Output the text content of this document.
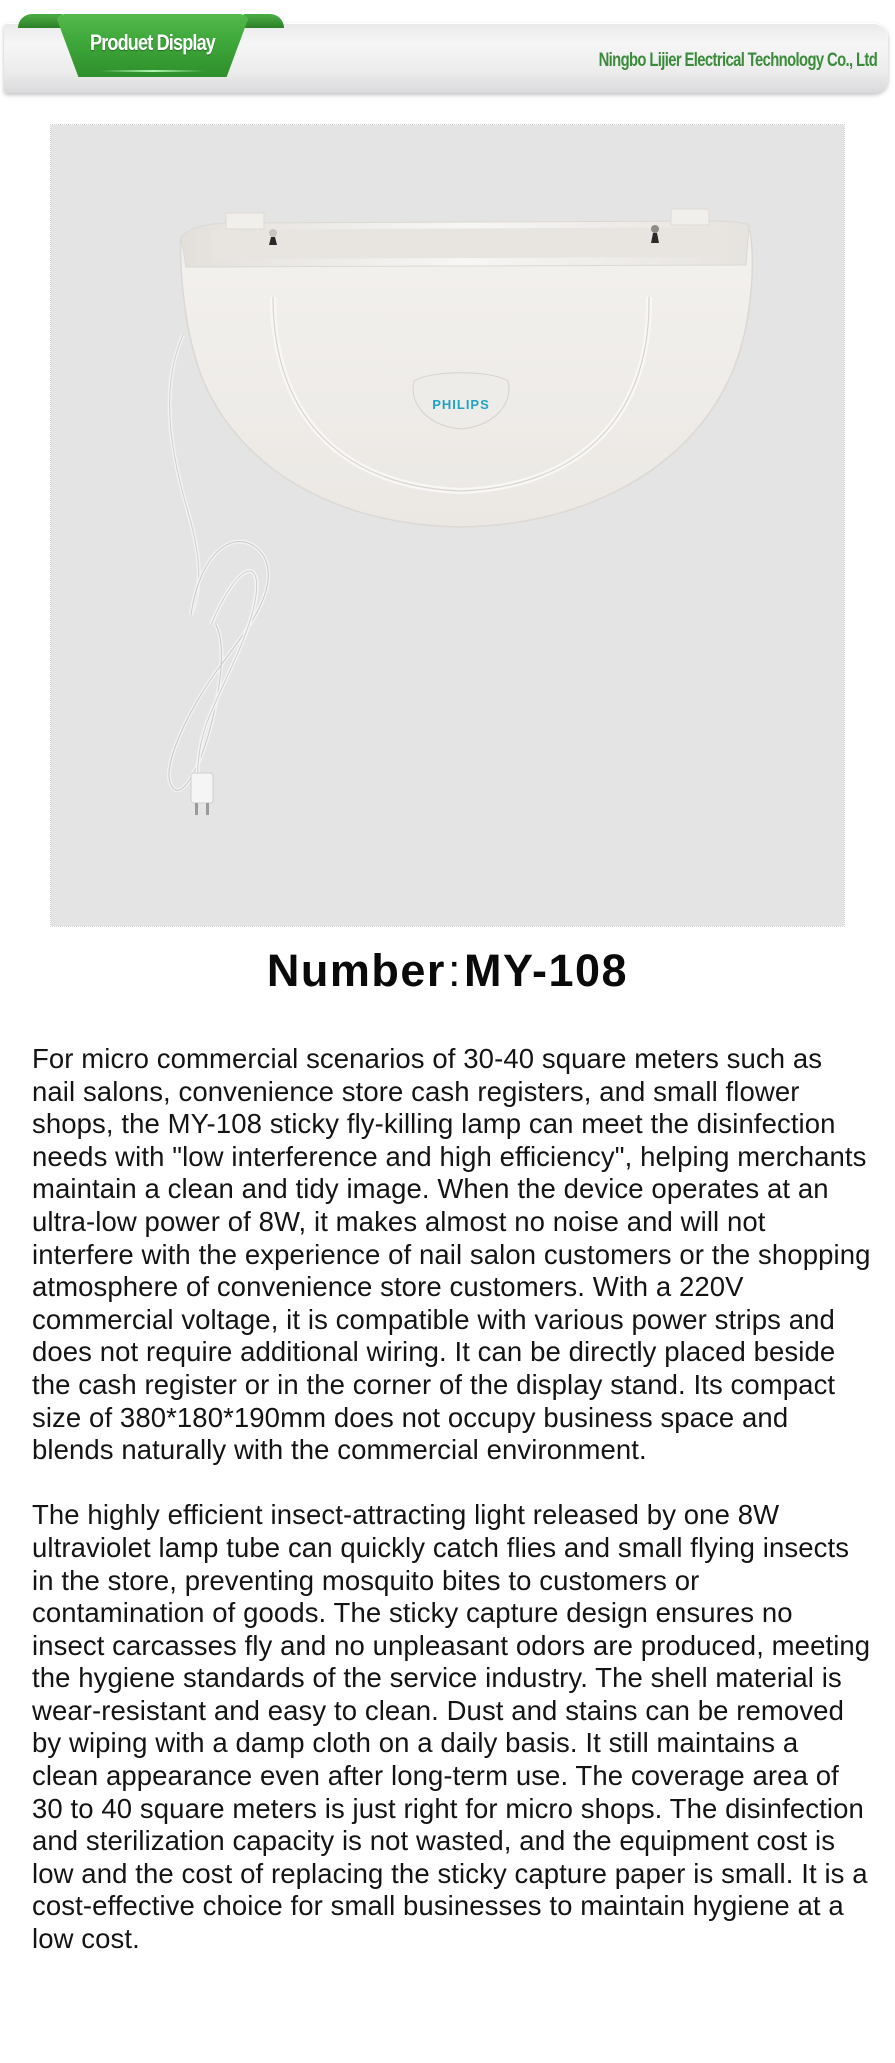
Produet Display
Ningbo Lijier Electrical Technology Co., Ltd
PHILIPS
Number:MY-108

For micro commercial scenarios of 30-40 square meters such as nail salons, convenience store cash registers, and small flower shops, the MY-108 sticky fly-killing lamp can meet the disinfection needs with "low interference and high efficiency", helping merchants maintain a clean and tidy image. When the device operates at an ultra-low power of 8W, it makes almost no noise and will not interfere with the experience of nail salon customers or the shopping atmosphere of convenience store customers. With a 220V commercial voltage, it is compatible with various power strips and does not require additional wiring. It can be directly placed beside the cash register or in the corner of the display stand. Its compact size of 380*180*190mm does not occupy business space and blends naturally with the commercial environment.

The highly efficient insect-attracting light released by one 8W ultraviolet lamp tube can quickly catch flies and small flying insects in the store, preventing mosquito bites to customers or contamination of goods. The sticky capture design ensures no insect carcasses fly and no unpleasant odors are produced, meeting the hygiene standards of the service industry. The shell material is wear-resistant and easy to clean. Dust and stains can be removed by wiping with a damp cloth on a daily basis. It still maintains a clean appearance even after long-term use. The coverage area of 30 to 40 square meters is just right for micro shops. The disinfection and sterilization capacity is not wasted, and the equipment cost is low and the cost of replacing the sticky capture paper is small. It is a cost-effective choice for small businesses to maintain hygiene at a low cost.
